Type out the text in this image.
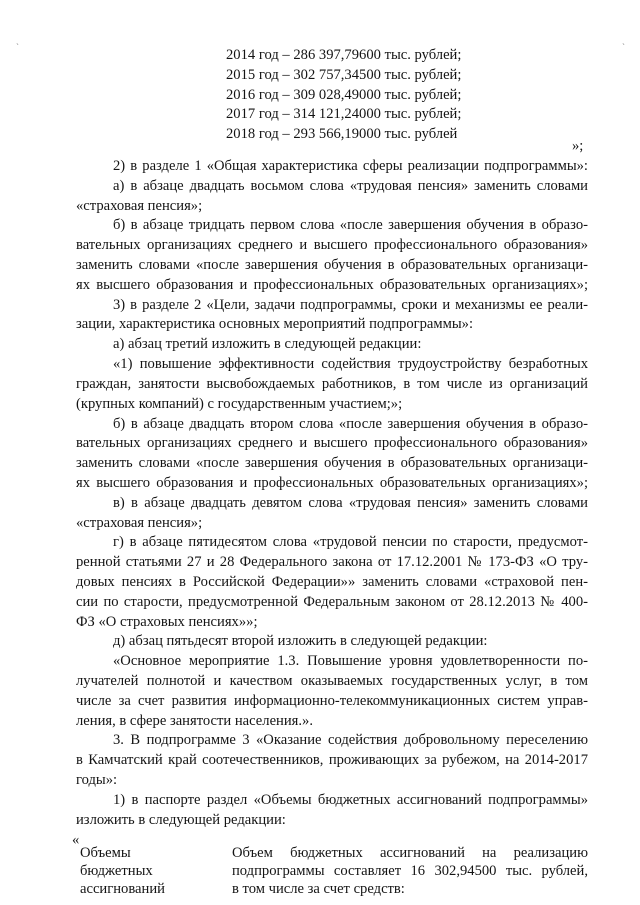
`	`
2014 год – 286 397,79600 тыс. рублей;
2015 год – 302 757,34500 тыс. рублей;
2016 год – 309 028,49000 тыс. рублей;
2017 год – 314 121,24000 тыс. рублей;
2018 год – 293 566,19000 тыс. рублей
»;
2) в разделе 1 «Общая характеристика сферы реализации подпрограммы»:
а) в абзаце двадцать восьмом слова «трудовая пенсия» заменить словами
«страховая пенсия»;
б) в абзаце тридцать первом слова «после завершения обучения в образо-
вательных организациях среднего и высшего профессионального образования»
заменить словами «после завершения обучения в образовательных организаци-
ях высшего образования и профессиональных образовательных организациях»;
3) в разделе 2 «Цели, задачи подпрограммы, сроки и механизмы ее реали-
зации, характеристика основных мероприятий подпрограммы»:
а) абзац третий изложить в следующей редакции:
«1) повышение эффективности содействия трудоустройству безработных
граждан, занятости высвобождаемых работников, в том числе из организаций
(крупных компаний) с государственным участием;»;
б) в абзаце двадцать втором слова «после завершения обучения в образо-
вательных организациях среднего и высшего профессионального образования»
заменить словами «после завершения обучения в образовательных организаци-
ях высшего образования и профессиональных образовательных организациях»;
в) в абзаце двадцать девятом слова «трудовая пенсия» заменить словами
«страховая пенсия»;
г) в абзаце пятидесятом слова «трудовой пенсии по старости, предусмот-
ренной статьями 27 и 28 Федерального закона от 17.12.2001 № 173-ФЗ «О тру-
довых пенсиях в Российской Федерации»» заменить словами «страховой пен-
сии по старости, предусмотренной Федеральным законом от 28.12.2013 № 400-
ФЗ «О страховых пенсиях»»;
д) абзац пятьдесят второй изложить в следующей редакции:
«Основное мероприятие 1.3. Повышение уровня удовлетворенности по-
лучателей полнотой и качеством оказываемых государственных услуг, в том
числе за счет развития информационно-телекоммуникационных систем управ-
ления, в сфере занятости населения.».
3. В подпрограмме 3 «Оказание содействия добровольному переселению
в Камчатский край соотечественников, проживающих за рубежом, на 2014-2017
годы»:
1) в паспорте раздел «Объемы бюджетных ассигнований подпрограммы»
изложить в следующей редакции:
«
Объемы
бюджетных
ассигнований
Объем бюджетных ассигнований на реализацию
подпрограммы составляет 16 302,94500 тыс. рублей,
в том числе за счет средств:
